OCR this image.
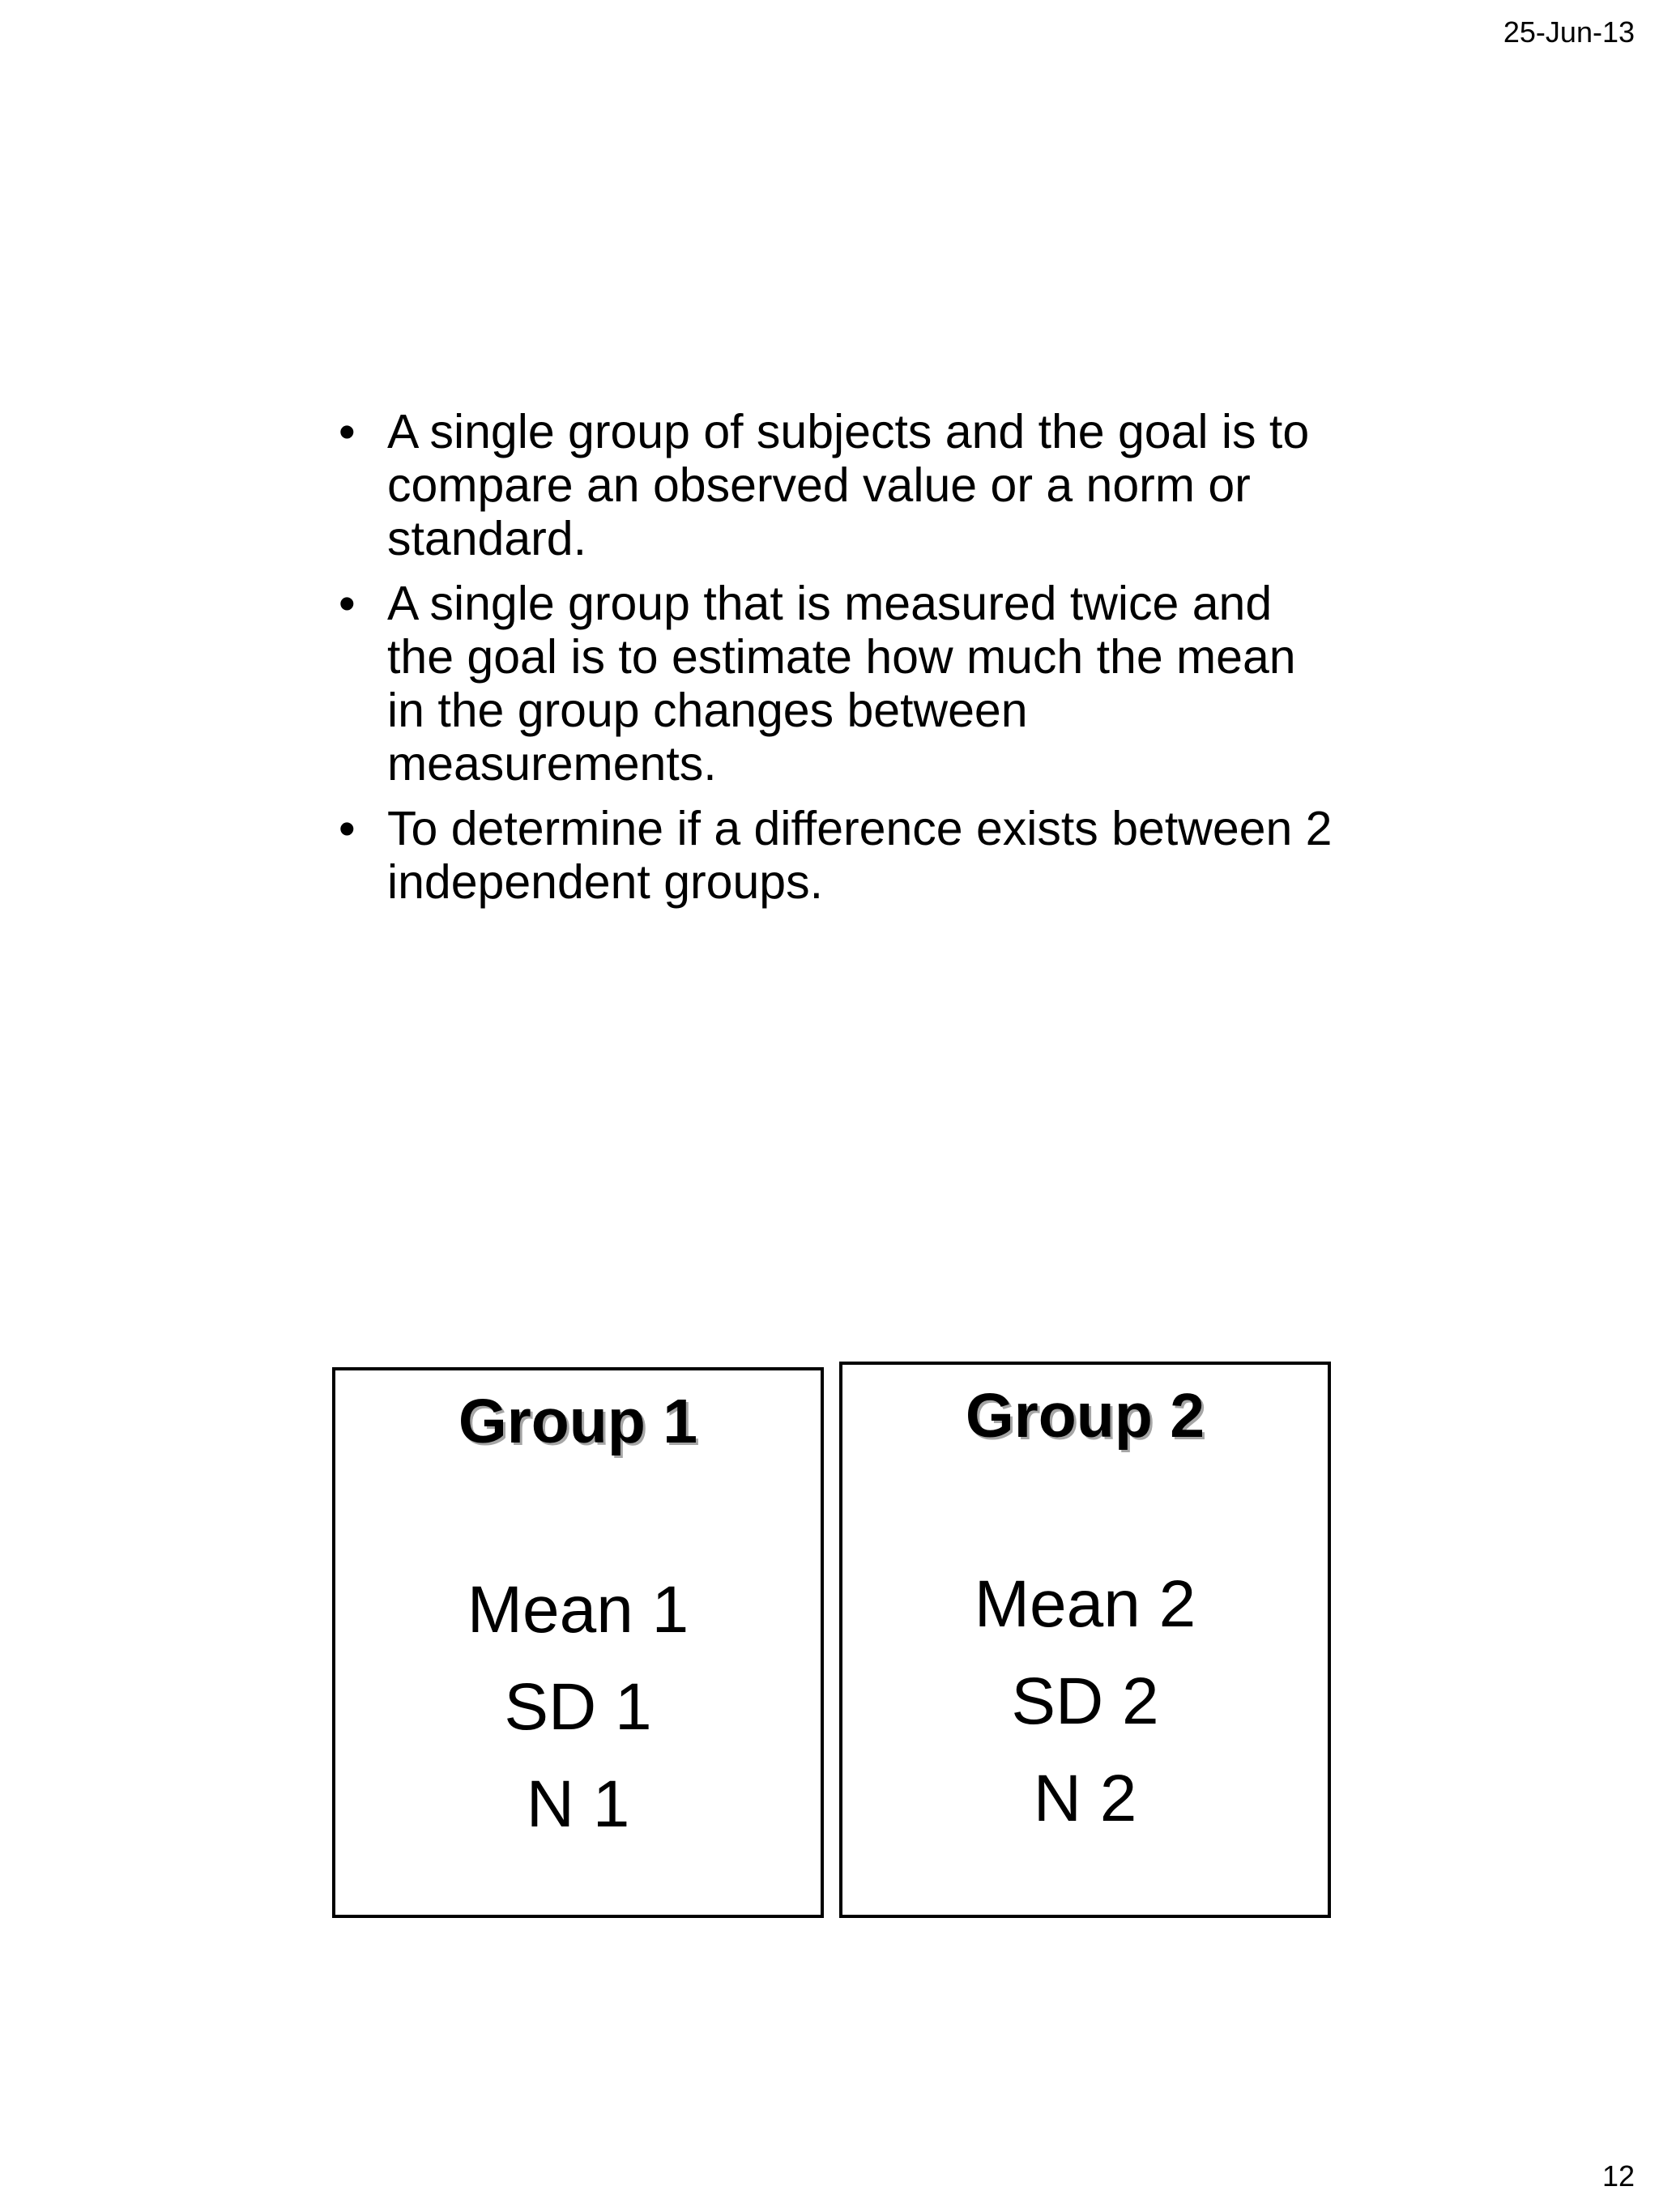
25-Jun-13
• A single group of subjects and the goal is to compare an observed value or a norm or standard.
• A single group that is measured twice and the goal is to estimate how much the mean in the group changes between measurements.
• To determine if a difference exists between 2 independent groups.
Group 1
Mean 1
SD 1
N 1
Group 2
Mean 2
SD 2
N 2
12
